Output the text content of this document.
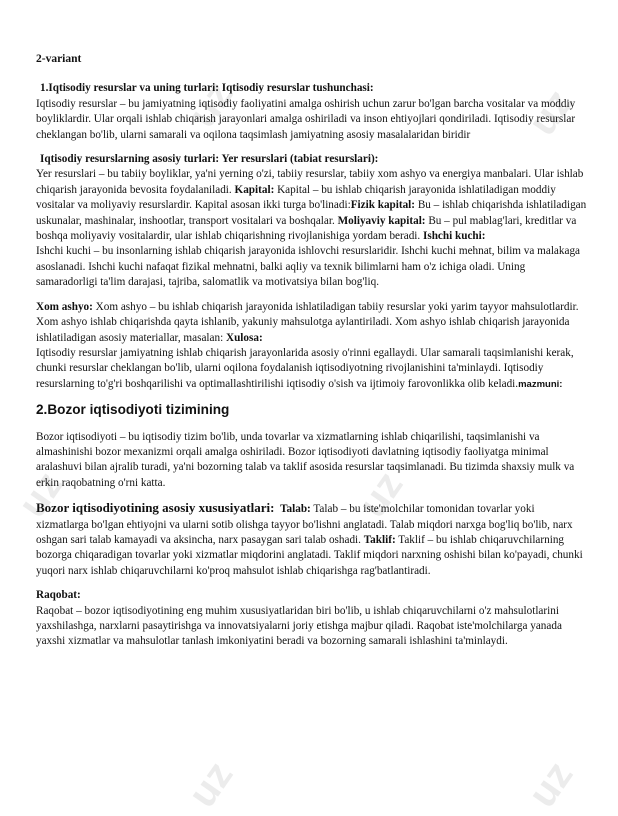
uz	uz
uz	uz
uz	uz
2-variant

1.Iqtisodiy resurslar va uning turlari: Iqtisodiy resurslar tushunchasi:

Iqtisodiy resurslar – bu jamiyatning iqtisodiy faoliyatini amalga oshirish uchun zarur bo'lgan barcha vositalar va moddiy boyliklardir. Ular orqali ishlab chiqarish jarayonlari amalga oshiriladi va inson ehtiyojlari qondiriladi. Iqtisodiy resurslar cheklangan bo'lib, ularni samarali va oqilona taqsimlash jamiyatning asosiy masalalaridan biridir

Iqtisodiy resurslarning asosiy turlari: Yer resurslari (tabiat resurslari):

Yer resurslari – bu tabiiy boyliklar, ya'ni yerning o'zi, tabiiy resurslar, tabiiy xom ashyo va energiya manbalari. Ular ishlab chiqarish jarayonida bevosita foydalaniladi. Kapital: Kapital – bu ishlab chiqarish jarayonida ishlatiladigan moddiy vositalar va moliyaviy resurslardir. Kapital asosan ikki turga bo'linadi:Fizik kapital: Bu – ishlab chiqarishda ishlatiladigan uskunalar, mashinalar, inshootlar, transport vositalari va boshqalar. Moliyaviy kapital: Bu – pul mablag'lari, kreditlar va boshqa moliyaviy vositalardir, ular ishlab chiqarishning rivojlanishiga yordam beradi. Ishchi kuchi:

Ishchi kuchi – bu insonlarning ishlab chiqarish jarayonida ishlovchi resurslaridir. Ishchi kuchi mehnat, bilim va malakaga asoslanadi. Ishchi kuchi nafaqat fizikal mehnatni, balki aqliy va texnik bilimlarni ham o'z ichiga oladi. Uning samaradorligi ta'lim darajasi, tajriba, salomatlik va motivatsiya bilan bog'liq.

Xom ashyo: Xom ashyo – bu ishlab chiqarish jarayonida ishlatiladigan tabiiy resurslar yoki yarim tayyor mahsulotlardir. Xom ashyo ishlab chiqarishda qayta ishlanib, yakuniy mahsulotga aylantiriladi. Xom ashyo ishlab chiqarish jarayonida ishlatiladigan asosiy materiallar, masalan: Xulosa:

Iqtisodiy resurslar jamiyatning ishlab chiqarish jarayonlarida asosiy o'rinni egallaydi. Ular samarali taqsimlanishi kerak, chunki resurslar cheklangan bo'lib, ularni oqilona foydalanish iqtisodiyotning rivojlanishini ta'minlaydi. Iqtisodiy resurslarning to'g'ri boshqarilishi va optimallashtirilishi iqtisodiy o'sish va ijtimoiy farovonlikka olib keladi.mazmuni:

2.Bozor iqtisodiyoti tizimining

Bozor iqtisodiyoti – bu iqtisodiy tizim bo'lib, unda tovarlar va xizmatlarning ishlab chiqarilishi, taqsimlanishi va almashinishi bozor mexanizmi orqali amalga oshiriladi. Bozor iqtisodiyoti davlatning iqtisodiy faoliyatga minimal aralashuvi bilan ajralib turadi, ya'ni bozorning talab va taklif asosida resurslar taqsimlanadi. Bu tizimda shaxsiy mulk va erkin raqobatning o'rni katta.

Bozor iqtisodiyotining asosiy xususiyatlari: Talab: Talab – bu iste'molchilar tomonidan tovarlar yoki xizmatlarga bo'lgan ehtiyojni va ularni sotib olishga tayyor bo'lishni anglatadi. Talab miqdori narxga bog'liq bo'lib, narx oshgan sari talab kamayadi va aksincha, narx pasaygan sari talab oshadi. Taklif: Taklif – bu ishlab chiqaruvchilarning bozorga chiqaradigan tovarlar yoki xizmatlar miqdorini anglatadi. Taklif miqdori narxning oshishi bilan ko'payadi, chunki yuqori narx ishlab chiqaruvchilarni ko'proq mahsulot ishlab chiqarishga rag'batlantiradi.

Raqobat:

Raqobat – bozor iqtisodiyotining eng muhim xususiyatlaridan biri bo'lib, u ishlab chiqaruvchilarni o'z mahsulotlarini yaxshilashga, narxlarni pasaytirishga va innovatsiyalarni joriy etishga majbur qiladi. Raqobat iste'molchilarga yanada yaxshi xizmatlar va mahsulotlar tanlash imkoniyatini beradi va bozorning samarali ishlashini ta'minlaydi.
